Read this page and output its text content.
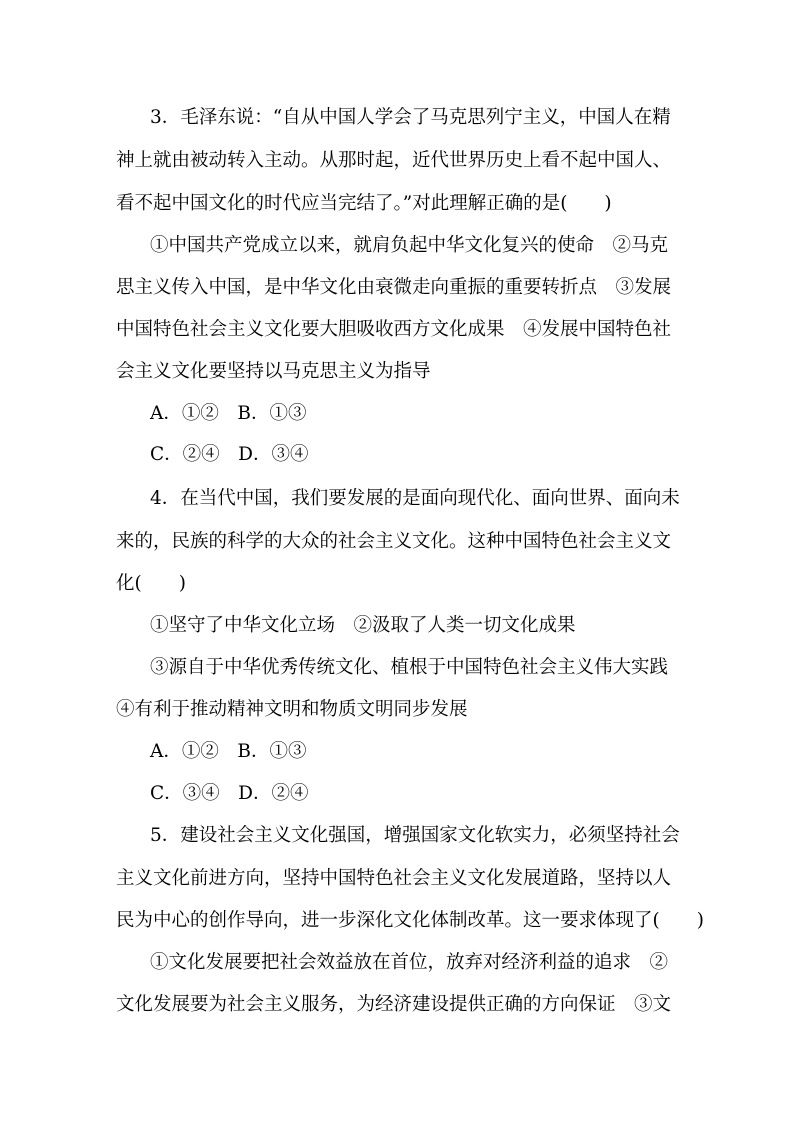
3．毛泽东说：“自从中国人学会了马克思列宁主义，中国人在精
神上就由被动转入主动。从那时起，近代世界历史上看不起中国人、
看不起中国文化的时代应当完结了。”对此理解正确的是(　　)
①中国共产党成立以来，就肩负起中华文化复兴的使命　②马克
思主义传入中国，是中华文化由衰微走向重振的重要转折点　③发展
中国特色社会主义文化要大胆吸收西方文化成果　④发展中国特色社
会主义文化要坚持以马克思主义为指导
A．①②　B．①③
C．②④　D．③④
4．在当代中国，我们要发展的是面向现代化、面向世界、面向未
来的，民族的科学的大众的社会主义文化。这种中国特色社会主义文
化(　　)
①坚守了中华文化立场　②汲取了人类一切文化成果
③源自于中华优秀传统文化、植根于中国特色社会主义伟大实践
④有利于推动精神文明和物质文明同步发展
A．①②　B．①③
C．③④　D．②④
5．建设社会主义文化强国，增强国家文化软实力，必须坚持社会
主义文化前进方向，坚持中国特色社会主义文化发展道路，坚持以人
民为中心的创作导向，进一步深化文化体制改革。这一要求体现了(　　)
①文化发展要把社会效益放在首位，放弃对经济利益的追求　②
文化发展要为社会主义服务，为经济建设提供正确的方向保证　③文
